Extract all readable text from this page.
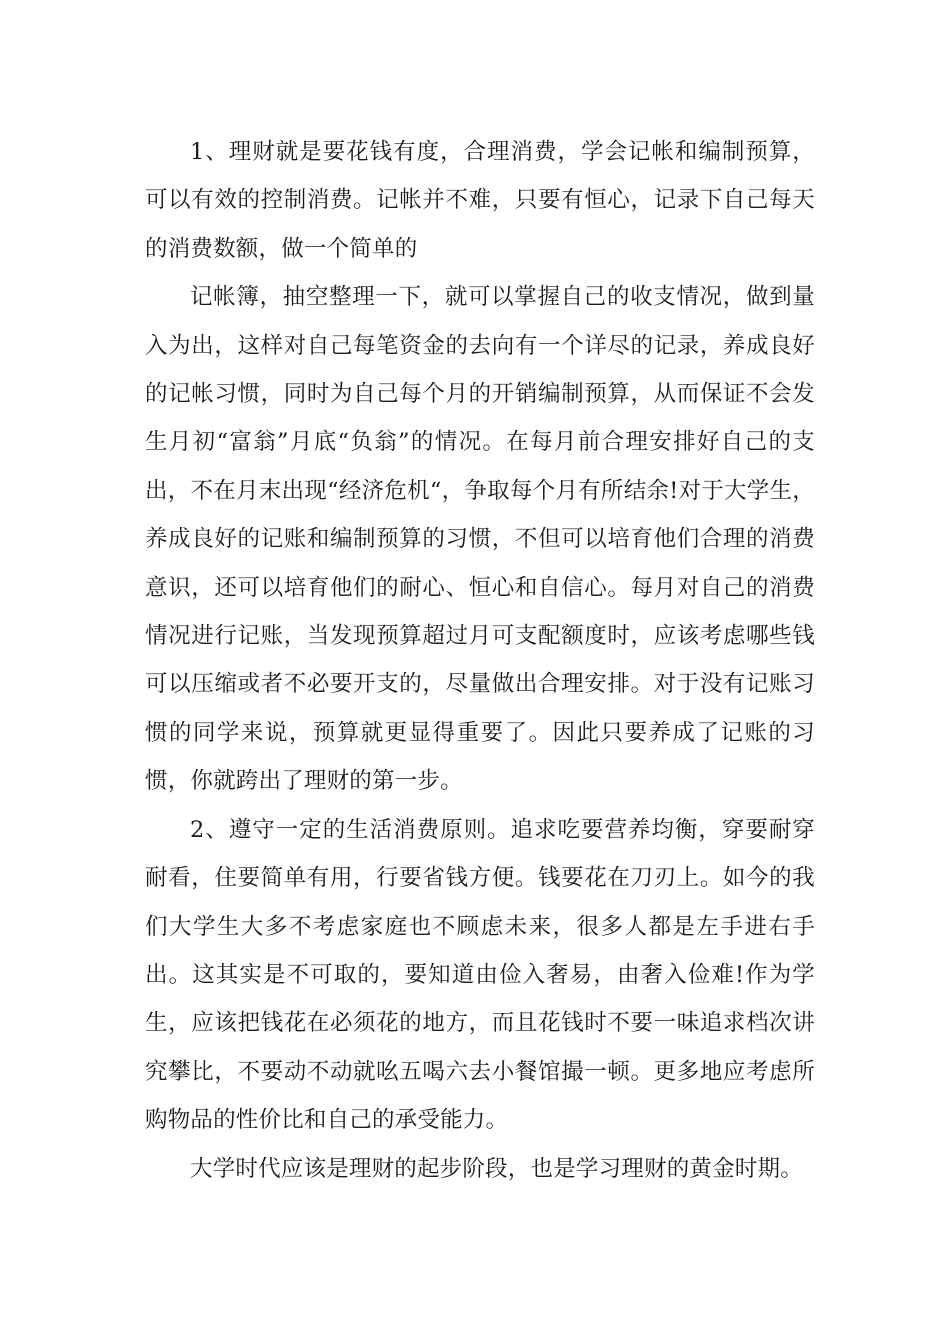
1、理财就是要花钱有度，合理消费，学会记帐和编制预算，可以有效的控制消费。记帐并不难，只要有恒心，记录下自己每天的消费数额，做一个简单的

记帐簿，抽空整理一下，就可以掌握自己的收支情况，做到量入为出，这样对自己每笔资金的去向有一个详尽的记录，养成良好的记帐习惯，同时为自己每个月的开销编制预算，从而保证不会发生月初“富翁”月底“负翁”的情况。在每月前合理安排好自己的支出，不在月末出现“经济危机“，争取每个月有所结余!对于大学生，养成良好的记账和编制预算的习惯，不但可以培育他们合理的消费意识，还可以培育他们的耐心、恒心和自信心。每月对自己的消费情况进行记账，当发现预算超过月可支配额度时，应该考虑哪些钱可以压缩或者不必要开支的，尽量做出合理安排。对于没有记账习惯的同学来说，预算就更显得重要了。因此只要养成了记账的习惯，你就跨出了理财的第一步。

2、遵守一定的生活消费原则。追求吃要营养均衡，穿要耐穿耐看，住要简单有用，行要省钱方便。钱要花在刀刃上。如今的我们大学生大多不考虑家庭也不顾虑未来，很多人都是左手进右手出。这其实是不可取的，要知道由俭入奢易，由奢入俭难!作为学生，应该把钱花在必须花的地方，而且花钱时不要一味追求档次讲究攀比，不要动不动就吆五喝六去小餐馆撮一顿。更多地应考虑所购物品的性价比和自己的承受能力。

大学时代应该是理财的起步阶段，也是学习理财的黄金时期。
